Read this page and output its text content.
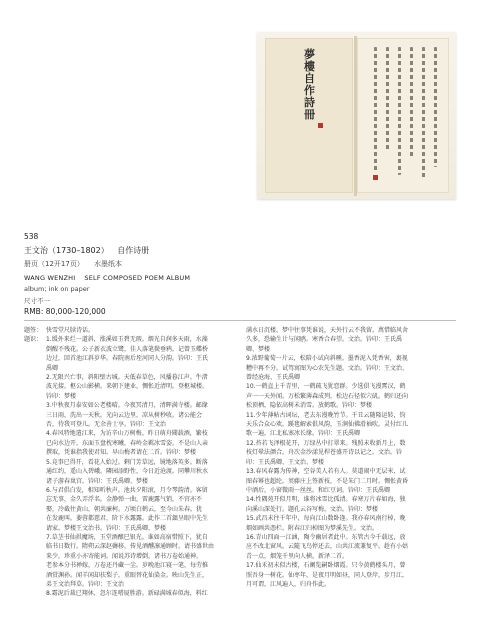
夢
樓
自
作
詩
冊
538
王文治（1730–1802） 自作诗册
册页（12开17页） 水墨纸本
WANG WENZHI    SELF COMPOSED POEM ALBUM
album; ink on paper
尺寸不一
RMB: 80,000-120,000
题签： 快雪堂尺牍诗话。
题识： 1.缓外来烂一道斜，涨溪如玉碧无瑕。烟光自润多天雨，水藻
倒醒不残花。公子新衣波立鹭，佳人落笔鬓垂鸦。记曾玉蝶桥
边过，回首池江斜岁华。春院南后垤河同人分韵。钤印：王氏
禹卿
2.无限兴亡事，斜阳壁古城。天低春草色，风播暮江声。牛渚
波光接，枢公山影横。来朝下建业，惆怅近清明。登枢城楼。
钤印：梦楼
3.中秋夜月泰安如公老楼晴。今夜冥清月，清晖满寺楼。邮缘
三日雨，洗出一天秋。光向云边里，凉从树秒收。诸公能会
否，待我可登儿。无余善士享。钤印：王文治
4.春风特地遣江来，为访辛山万树梅。昨日萌舟聞载酒，繁枝
已向水边开。东面玉盘枕寒曦，春岭金羁冰雪姿。不是山人亲
撰取，凭谁指我使君知。早山梅者请在二首。钤印：梦楼
5.竞事已得开，看花人始过。剩门芳草远，镜地落英多。断落
通红约，遥山入碧峨。隣园添野性，今日近沧渡。同攀川秋水
诸子游春岚宫。钤印：王氏禹卿、梦楼
6.与君倡白发，相知听秋声。池共夕阳滚，月令琴韵清。客留
忘无事，金久弄浮名。金静弹一曲，雷鹿露气销，不官亦不
娶，冷截往黄山，朝共廉柯。万顷白鹤云，至今山朱春。犹
在发鹿叫。萎蓉都慈君，阶下水露露。此作二首鎮呈眼中先生
请家。梦楼王文治书。钤印：王氏禹卿、梦楼
7.草茎书仙拱魔场，玉堂酒酿巳银光。谁如高宿惜照下，犹自
临书日数行。隋朔云深赵薅移，传见酒醺凛通顾时。请书盛世由
来少，珍重小亦寄能词。闻说苏诗增倒，诸书万卷始通神。
老参本分书禅嫁，万卷还丹藏一尘。岁晚池江寝一笔，每劳推
酒赏渊孙。闻羊闲却扶梨子，重眼替花仙染金。映山先生正，
弟王文治拜草。钤印：王文治
8.霜泥后裁已翔休，忽尔连嗜厦胜游。新碌满城春似海，料红
满水日沉楼。梦中往事凭谁说，天外行云不我留。萬惜临风舍
久多，恐输生计与闲鸥。寒香合春望。文治。钤印：王氏禹
卿、梦楼
9.浓野葡萄一片云，松陪小试向斜曛。墨香泥入凭香害，裹视
糟中再不分。试驾寓图为心农先生题。文治。钤印：王文治、
曾经沧海、王氏禹卿
10.一鹤直上千青里，一鹤疏飞犹恋群。少选俱飞漫霄汉，鹤
声一一天外闻。万松繁薄森成列，松边石径似穴矶。鹤归还向
松顶栖，隐依高树未消雪。放鹤歌。钤印：梦楼
11.少年薄帖古词坛，老去东漫晚竹节。千丑云随隆运转，钧
天乐合众心欢。蹊毯解索俱风韵，玉涧仙佛滑袖吹。灵付红儿
歌一遍，江北私塞冰长缘。钤印：王氏禹卿
12.苔若飞泽根花开，万绿丛中打翠来。残照未收新月上，数
枝灯晕法颜合。舟次金沙漾见桿苍盛开诗以记之。文治。钤
印：王氏禹卿、王文治、梦楼
13.春风春露为传神，空谷美人若有人。莫道闹中无层米，试
图春幂也超纶。荚藤庄上签新枝，不是朱门二月时。惆怅黄昏
中酒后，小窗微雨一丝丝。和红豆词。钤印：王氏禹卿
14.性隅苑开似月明，谁将冰雪比孤清。春寒万片春如海，独
向溪山深处行。题孔云谷写梅。文治。钤印：梦楼
15.武昌未往千年中，每向江山数卧逢。我亦春风南行棹，晚
烟如画共憑栏。附春江归棹图为梦溪先生。文治。
16.青山四面一江涵，陶令幽居者此中。东管古今千载远，放
应不改北窗风。云隨飞鸟停还去，山共江流兼复平。趁有小姑
青一点，烟笼千里向人横。新泽二首。
17.仙禾初未似古楼，石阑览嗣卧烟霞。只今黄鹤楼头月，曾
照吾身一树花。仙枣年，是夜月明如昼，同人登岸，步月江，
月可谓，江风遍人，归舟作此。
